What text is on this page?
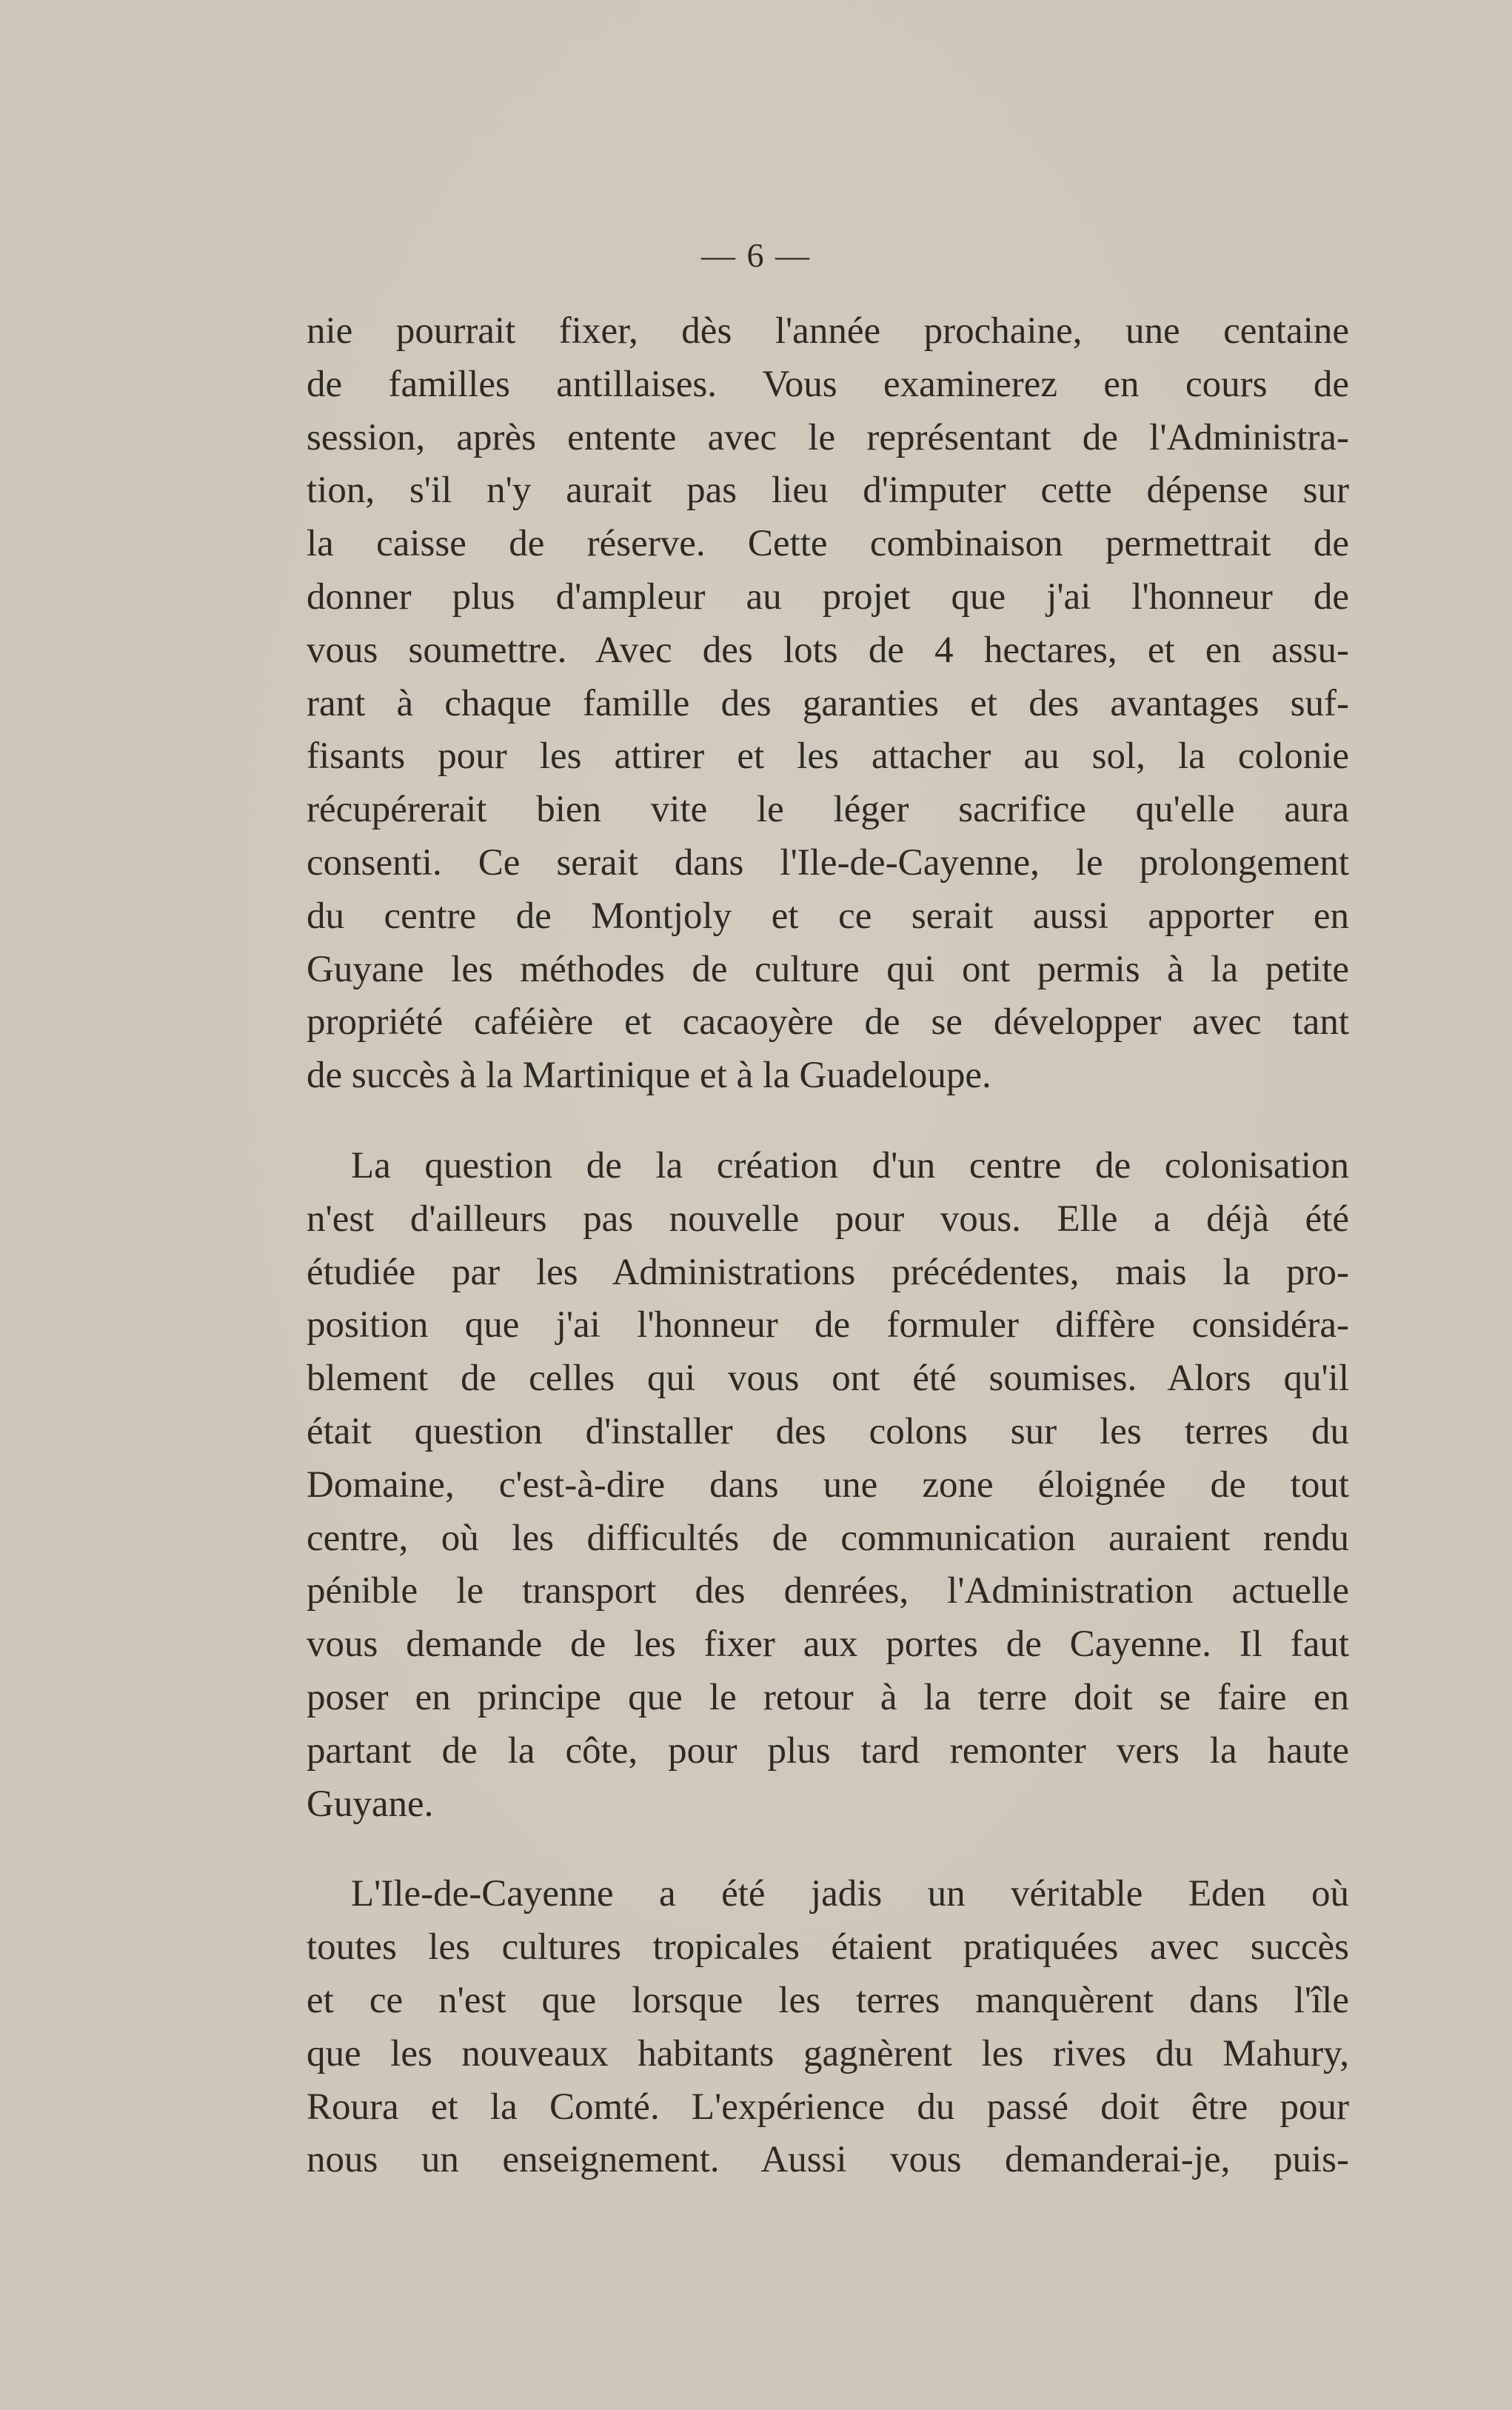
— 6 —

nie pourrait fixer, dès l'année prochaine, une centaine
de familles antillaises. Vous examinerez en cours de
session, après entente avec le représentant de l'Administra-
tion, s'il n'y aurait pas lieu d'imputer cette dépense sur
la caisse de réserve. Cette combinaison permettrait de
donner plus d'ampleur au projet que j'ai l'honneur de
vous soumettre. Avec des lots de 4 hectares, et en assu-
rant à chaque famille des garanties et des avantages suf-
fisants pour les attirer et les attacher au sol, la colonie
récupérerait bien vite le léger sacrifice qu'elle aura
consenti. Ce serait dans l'Ile-de-Cayenne, le prolongement
du centre de Montjoly et ce serait aussi apporter en
Guyane les méthodes de culture qui ont permis à la petite
propriété caféière et cacaoyère de se développer avec tant
de succès à la Martinique et à la Guadeloupe.

La question de la création d'un centre de colonisation
n'est d'ailleurs pas nouvelle pour vous. Elle a déjà été
étudiée par les Administrations précédentes, mais la pro-
position que j'ai l'honneur de formuler diffère considéra-
blement de celles qui vous ont été soumises. Alors qu'il
était question d'installer des colons sur les terres du
Domaine, c'est-à-dire dans une zone éloignée de tout
centre, où les difficultés de communication auraient rendu
pénible le transport des denrées, l'Administration actuelle
vous demande de les fixer aux portes de Cayenne. Il faut
poser en principe que le retour à la terre doit se faire en
partant de la côte, pour plus tard remonter vers la haute
Guyane.

L'Ile-de-Cayenne a été jadis un véritable Eden où
toutes les cultures tropicales étaient pratiquées avec succès
et ce n'est que lorsque les terres manquèrent dans l'île
que les nouveaux habitants gagnèrent les rives du Mahury,
Roura et la Comté. L'expérience du passé doit être pour
nous un enseignement. Aussi vous demanderai-je, puis-
